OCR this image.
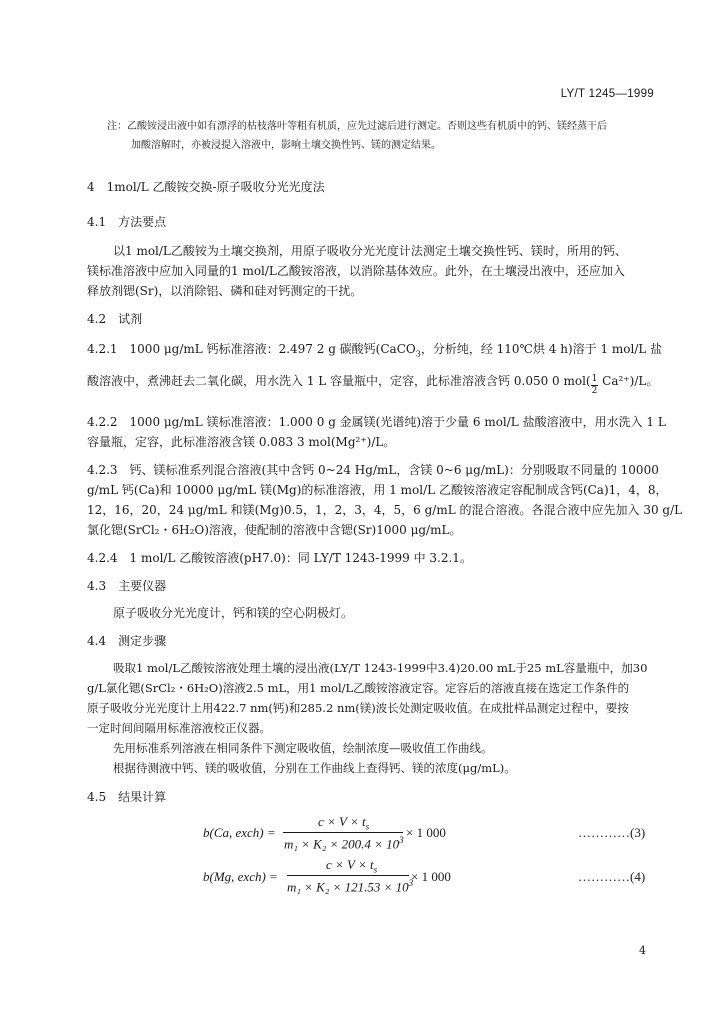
LY/T 1245—1999
注：乙酸铵浸出液中如有漂浮的枯枝落叶等粗有机质，应先过滤后进行测定。否则这些有机质中的钙、镁经蒸干后
加酸溶解时，亦被浸提入溶液中，影响土壤交换性钙、镁的测定结果。
4　1mol/L 乙酸铵交换-原子吸收分光光度法
4.1　方法要点
以1 mol/L乙酸铵为土壤交换剂，用原子吸收分光光度计法测定土壤交换性钙、镁时，所用的钙、
镁标准溶液中应加入同量的1 mol/L乙酸铵溶液，以消除基体效应。此外，在土壤浸出液中，还应加入
释放剂锶(Sr)，以消除铝、磷和硅对钙测定的干扰。
4.2　试剂
4.2.1　1000 μg/mL 钙标准溶液：2.497 2 g 碳酸钙(CaCO$_3$，分析纯，经 110℃烘 4 h)溶于 1 mol/L 盐
酸溶液中，煮沸赶去二氧化碳，用水洗入 1 L 容量瓶中，定容，此标准溶液含钙 0.050 0 $mol( \frac{1}{2} Ca^{2+})/L$。
4.2.2　1000 μg/mL 镁标准溶液：1.000 0 g 金属镁(光谱纯)溶于少量 6 mol/L 盐酸溶液中，用水洗入 1 L
容量瓶，定容，此标准溶液含镁 0.083 3 mol(Mg²⁺)/L。
4.2.3　钙、镁标准系列混合溶液(其中含钙 0~24 Hg/mL，含镁 0~6 μg/mL)：分别吸取不同量的 10000
g/mL 钙(Ca)和 10000 μg/mL 镁(Mg)的标准溶液，用 1 mol/L 乙酸铵溶液定容配制成含钙(Ca)1，4，8，
12，16，20，24 μg/mL 和镁(Mg)0.5，1，2，3，4，5，6 g/mL 的混合溶液。各混合液中应先加入 30 g/L
氯化锶(SrCl₂・6H₂O)溶液，使配制的溶液中含锶(Sr)1000 μg/mL。
4.2.4　1 mol/L 乙酸铵溶液(pH7.0)：同 LY/T 1243-1999 中 3.2.1。
4.3　主要仪器
原子吸收分光光度计，钙和镁的空心阴极灯。
4.4　测定步骤
吸取1 mol/L乙酸铵溶液处理土壤的浸出液(LY/T 1243-1999中3.4)20.00 mL于25 mL容量瓶中，加30
g/L氯化锶(SrCl₂・6H₂O)溶液2.5 mL，用1 mol/L乙酸铵溶液定容。定容后的溶液直接在选定工作条件的
原子吸收分光光度计上用422.7 nm(钙)和285.2 nm(镁)波长处测定吸收值。在成批样品测定过程中，要按
一定时间间隔用标准溶液校正仪器。
先用标准系列溶液在相同条件下测定吸收值，绘制浓度—吸收值工作曲线。
根据待测液中钙、镁的吸收值，分别在工作曲线上查得钙、镁的浓度(μg/mL)。
4.5　结果计算
b(Ca, exch) =
$c \times V \times t_s$
$m_1 \times K_2 \times 200.4 \times 10^3 \times 1$ 000	…………(3)
b(Mg, exch) =
$c \times V \times t_s$
$m_1 \times K_2 \times 121.53 \times 10^3$
× 1 000	…………(4)
4
